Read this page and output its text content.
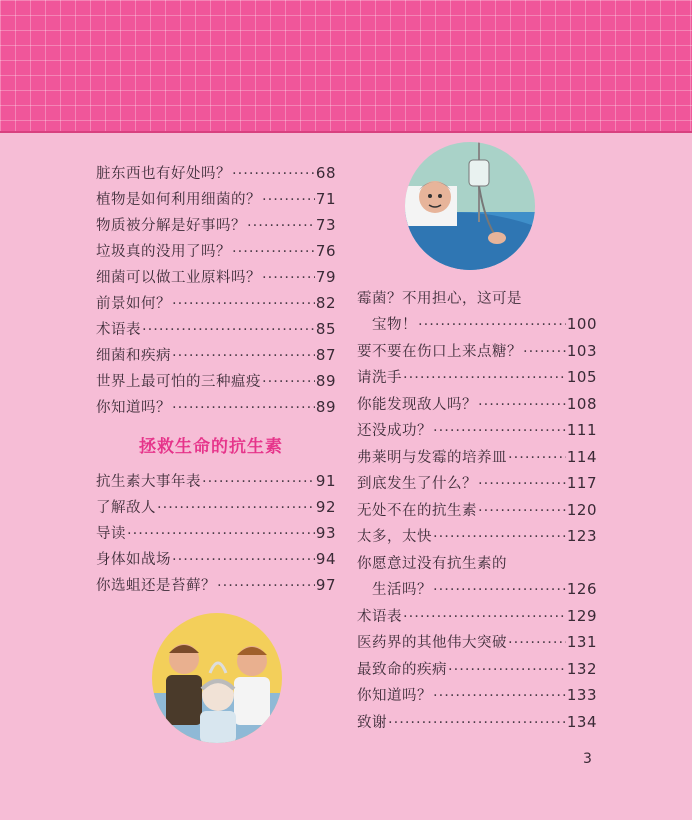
脏东西也有好处吗？ ·····	68
植物是如何利用细菌的？ ·····	71
物质被分解是好事吗？ ·····	73
垃圾真的没用了吗？ ·····	76
细菌可以做工业原料吗？ ·····	79
前景如何？ ·····	82
术语表 ·····	85
细菌和疾病 ·····	87
世界上最可怕的三种瘟疫 ·····	89
你知道吗？ ·····	89
拯救生命的抗生素
抗生素大事年表 ·····	91
了解敌人 ·····	92
导读 ·····	93
身体如战场 ·····	94
你选蛆还是苔藓？ ·····	97
霉菌？不用担心，这可是
宝物！ ·····	100
要不要在伤口上来点糖？ ·····	103
请洗手 ·····	105
你能发现敌人吗？ ·····	108
还没成功？ ·····	111
弗莱明与发霉的培养皿 ·····	114
到底发生了什么？ ·····	117
无处不在的抗生素 ·····	120
太多，太快 ·····	123
你愿意过没有抗生素的
生活吗？ ·····	126
术语表 ·····	129
医药界的其他伟大突破 ·····	131
最致命的疾病 ·····	132
你知道吗？ ·····	133
致谢 ·····	134
3
